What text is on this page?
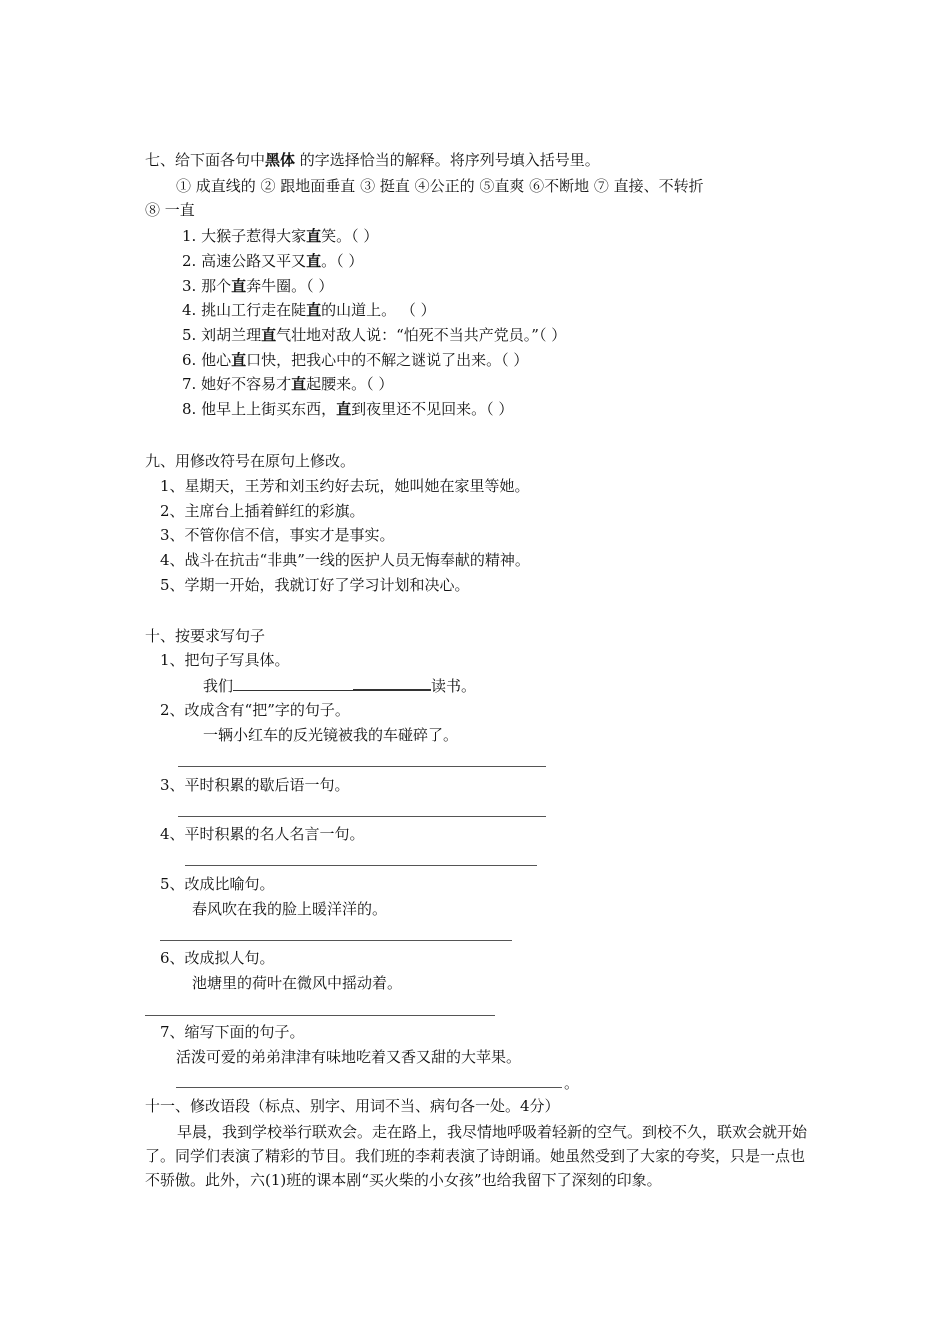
七、给下面各句中黑体 的字选择恰当的解释。将序列号填入括号里。
① 成直线的 ② 跟地面垂直 ③ 挺直 ④公正的 ⑤直爽 ⑥不断地 ⑦ 直接、不转折
⑧ 一直
1. 大猴子惹得大家直笑。（ ）
2. 高速公路又平又直。（ ）
3. 那个直奔牛圈。（ ）
4. 挑山工行走在陡直的山道上。 （ ）
5. 刘胡兰理直气壮地对敌人说：“怕死不当共产党员。”（ ）
6. 他心直口快，把我心中的不解之谜说了出来。（ ）
7. 她好不容易才直起腰来。（ ）
8. 他早上上街买东西，直到夜里还不见回来。（ ）
九、用修改符号在原句上修改。
1、星期天，王芳和刘玉约好去玩，她叫她在家里等她。
2、主席台上插着鲜红的彩旗。
3、不管你信不信，事实才是事实。
4、战斗在抗击“非典”一线的医护人员无悔奉献的精神。
5、学期一开始，我就订好了学习计划和决心。
十、按要求写句子
1、把句子写具体。
我们	读书。
2、改成含有“把”字的句子。
一辆小红车的反光镜被我的车碰碎了。
3、平时积累的歇后语一句。
4、平时积累的名人名言一句。
5、改成比喻句。
春风吹在我的脸上暖洋洋的。
6、改成拟人句。
池塘里的荷叶在微风中摇动着。
7、缩写下面的句子。
活泼可爱的弟弟津津有味地吃着又香又甜的大苹果。
。
十一、修改语段（标点、别字、用词不当、病句各一处。4分）
早晨，我到学校举行联欢会。走在路上，我尽情地呼吸着轻新的空气。到校不久，联欢会就开始了。同学们表演了精彩的节目。我们班的李莉表演了诗朗诵。她虽然受到了大家的夸奖，只是一点也不骄傲。此外，六(1)班的课本剧“买火柴的小女孩”也给我留下了深刻的印象。
